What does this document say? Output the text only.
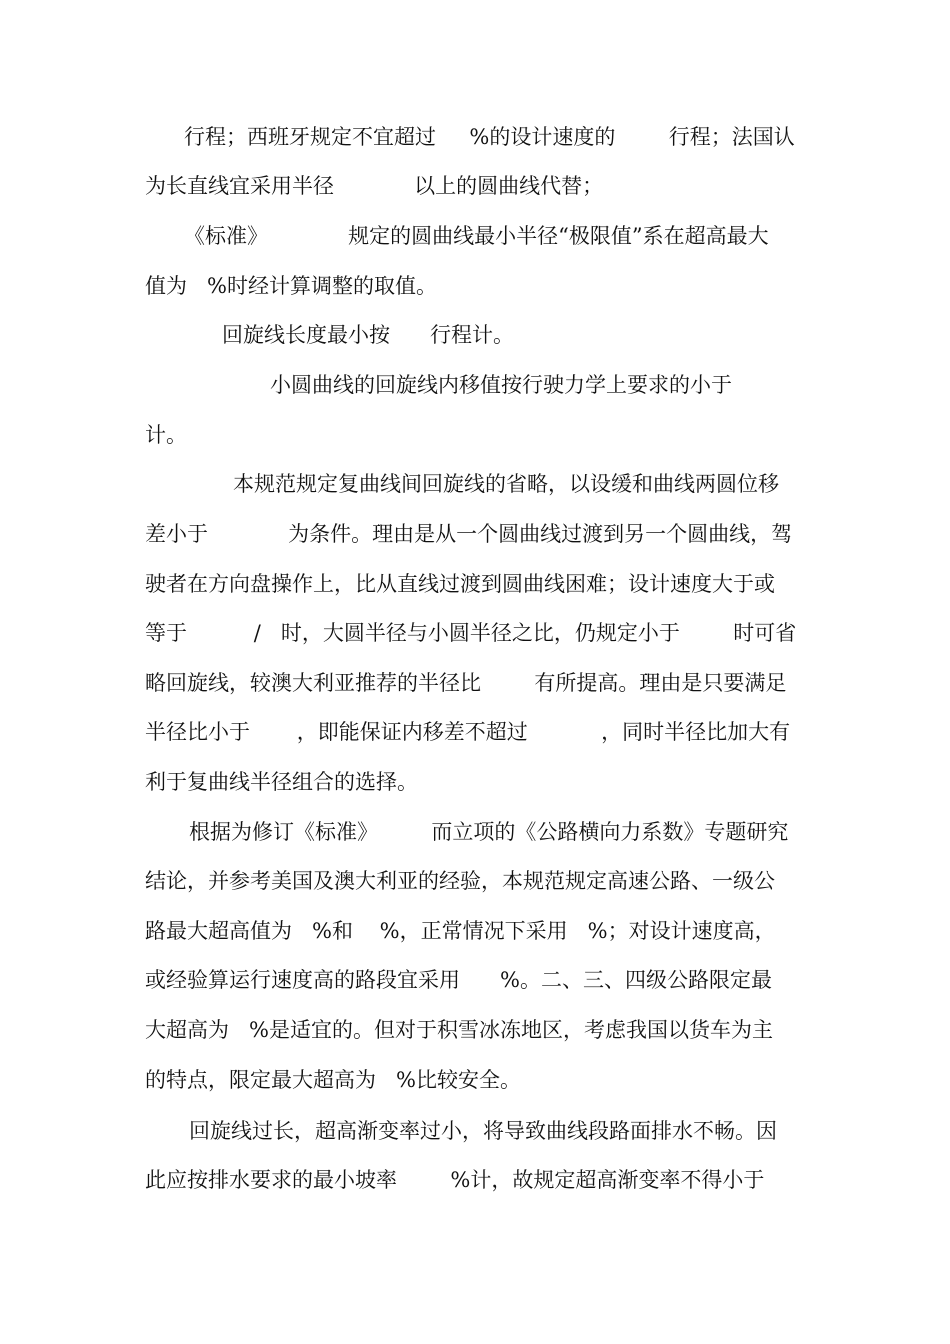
行程；西班牙规定不宜超过     %的设计速度的        行程；法国认
为长直线宜采用半径            以上的圆曲线代替；
《标准》            规定的圆曲线最小半径“极限值”系在超高最大
值为   %时经计算调整的取值。
回旋线长度最小按      行程计。
小圆曲线的回旋线内移值按行驶力学上要求的小于
计。
本规范规定复曲线间回旋线的省略，以设缓和曲线两圆位移
差小于            为条件。理由是从一个圆曲线过渡到另一个圆曲线，驾
驶者在方向盘操作上，比从直线过渡到圆曲线困难；设计速度大于或
等于          /   时，大圆半径与小圆半径之比，仍规定小于        时可省
略回旋线，较澳大利亚推荐的半径比        有所提高。理由是只要满足
半径比小于       ，即能保证内移差不超过           ，同时半径比加大有
利于复曲线半径组合的选择。
根据为修订《标准》        而立项的《公路横向力系数》专题研究
结论，并参考美国及澳大利亚的经验，本规范规定高速公路、一级公
路最大超高值为   %和    %，正常情况下采用   %；对设计速度高，
或经验算运行速度高的路段宜采用      %。二、三、四级公路限定最
大超高为   %是适宜的。但对于积雪冰冻地区，考虑我国以货车为主
的特点，限定最大超高为   %比较安全。
回旋线过长，超高渐变率过小，将导致曲线段路面排水不畅。因
此应按排水要求的最小坡率        %计，故规定超高渐变率不得小于
